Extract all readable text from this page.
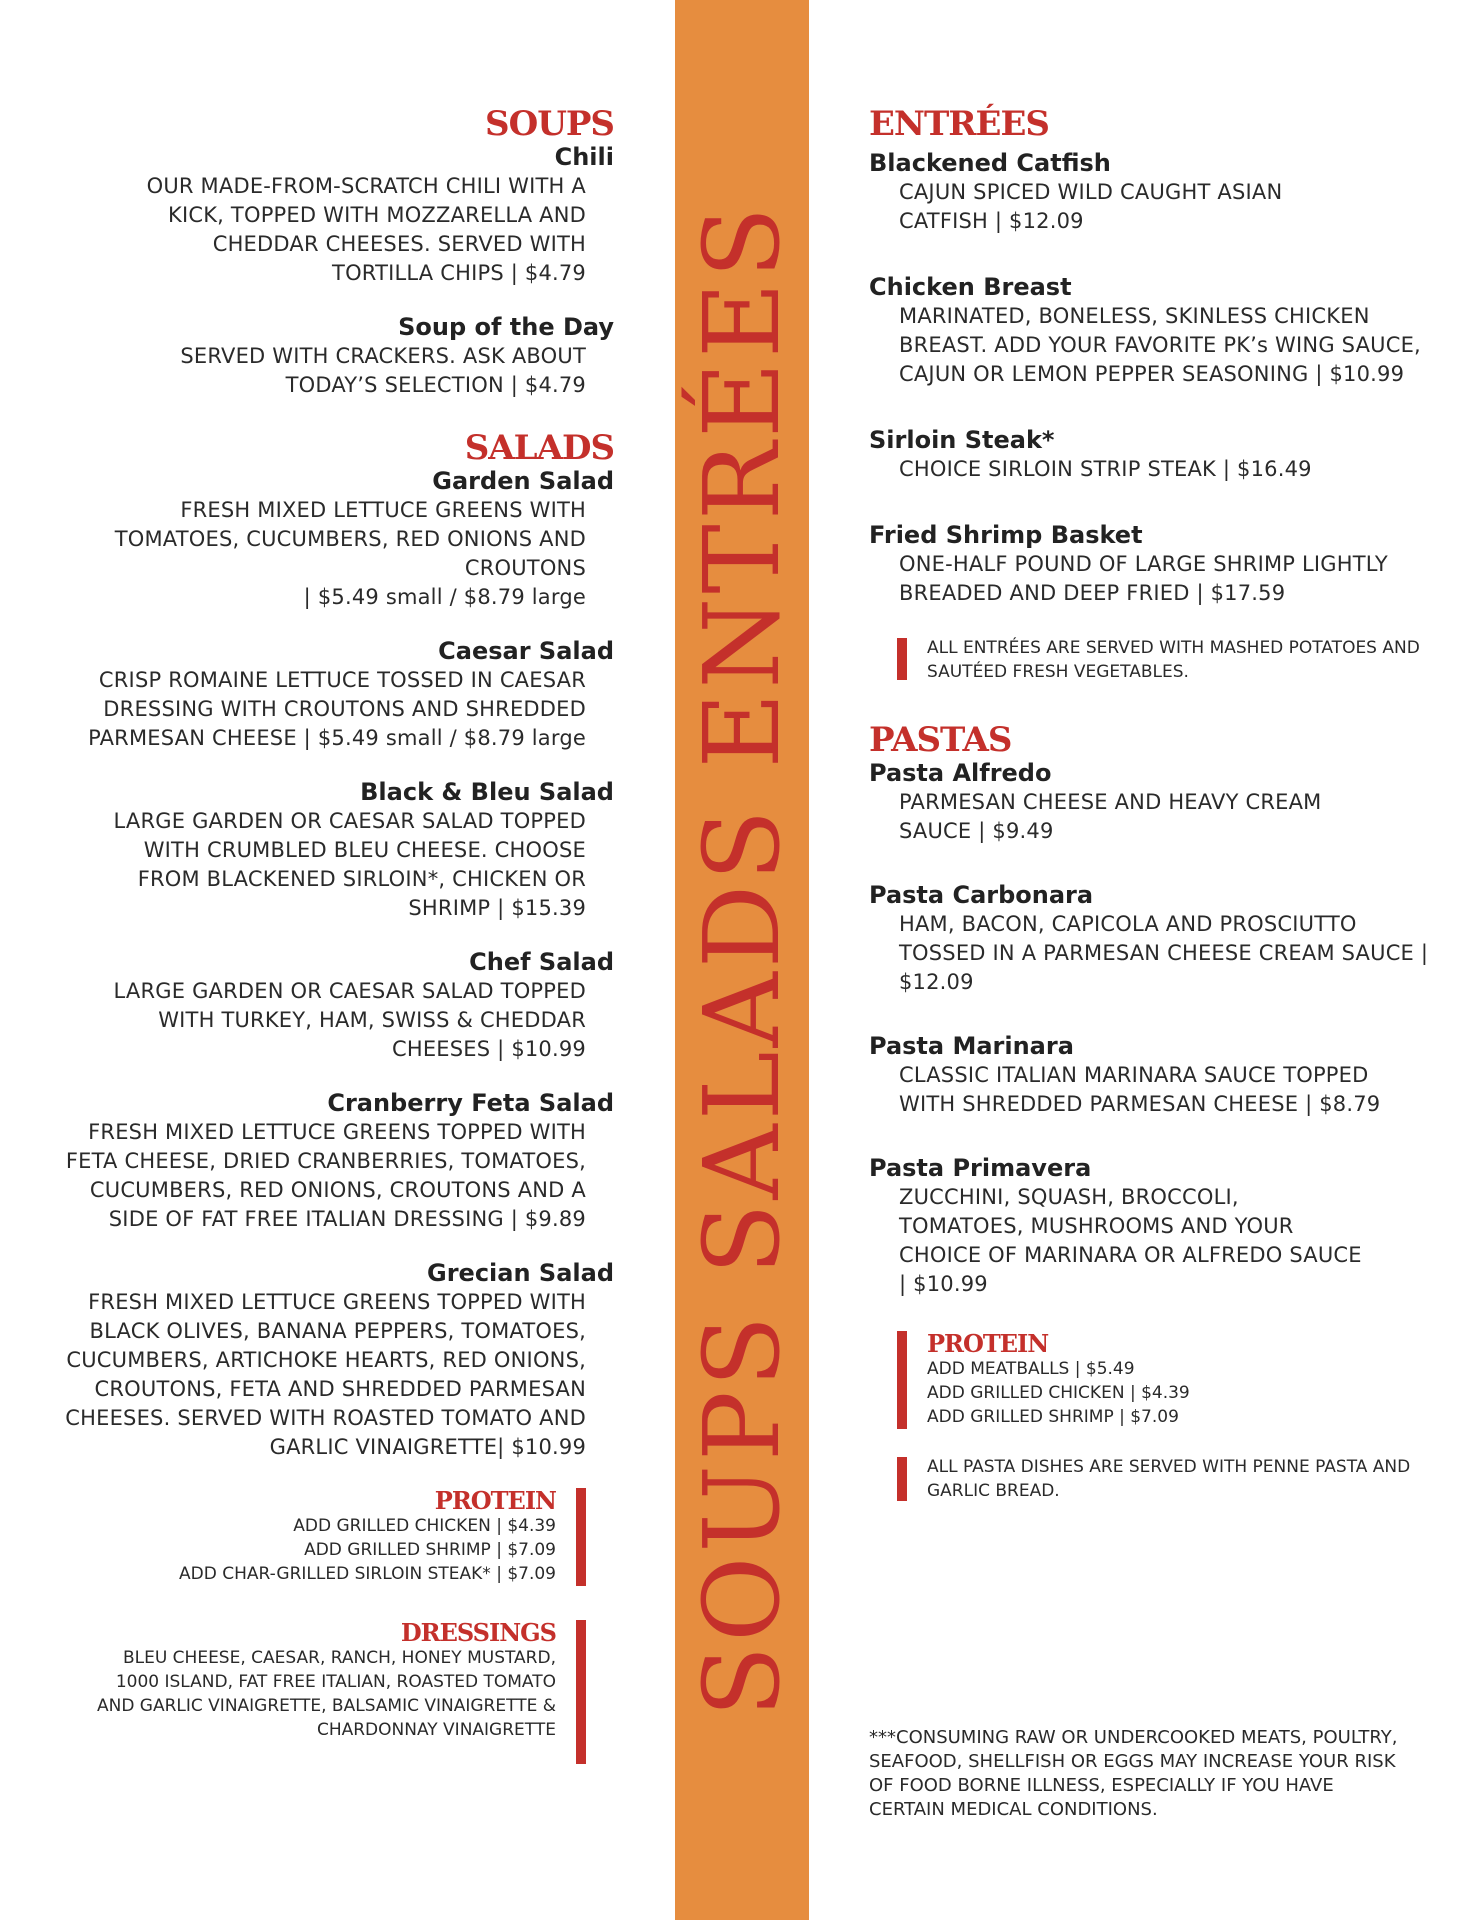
SOUPS SALADS ENTRÉES
SOUPS
Chili
OUR MADE-FROM-SCRATCH CHILI WITH A KICK, TOPPED WITH MOZZARELLA AND CHEDDAR CHEESES. SERVED WITH TORTILLA CHIPS | $4.79
Soup of the Day
SERVED WITH CRACKERS. ASK ABOUT TODAY’S SELECTION | $4.79
SALADS
Garden Salad
FRESH MIXED LETTUCE GREENS WITH TOMATOES, CUCUMBERS, RED ONIONS AND CROUTONS
| $5.49 small / $8.79 large
Caesar Salad
CRISP ROMAINE LETTUCE TOSSED IN CAESAR DRESSING WITH CROUTONS AND SHREDDED PARMESAN CHEESE | $5.49 small / $8.79 large
Black & Bleu Salad
LARGE GARDEN OR CAESAR SALAD TOPPED WITH CRUMBLED BLEU CHEESE. CHOOSE FROM BLACKENED SIRLOIN*, CHICKEN OR SHRIMP | $15.39
Chef Salad
LARGE GARDEN OR CAESAR SALAD TOPPED WITH TURKEY, HAM, SWISS & CHEDDAR CHEESES | $10.99
Cranberry Feta Salad
FRESH MIXED LETTUCE GREENS TOPPED WITH FETA CHEESE, DRIED CRANBERRIES, TOMATOES, CUCUMBERS, RED ONIONS, CROUTONS AND A SIDE OF FAT FREE ITALIAN DRESSING | $9.89
Grecian Salad
FRESH MIXED LETTUCE GREENS TOPPED WITH BLACK OLIVES, BANANA PEPPERS, TOMATOES, CUCUMBERS, ARTICHOKE HEARTS, RED ONIONS, CROUTONS, FETA AND SHREDDED PARMESAN CHEESES. SERVED WITH ROASTED TOMATO AND GARLIC VINAIGRETTE| $10.99
PROTEIN
ADD GRILLED CHICKEN | $4.39
ADD GRILLED SHRIMP | $7.09
ADD CHAR-GRILLED SIRLOIN STEAK* | $7.09
DRESSINGS
BLEU CHEESE, CAESAR, RANCH, HONEY MUSTARD, 1000 ISLAND, FAT FREE ITALIAN, ROASTED TOMATO AND GARLIC VINAIGRETTE, BALSAMIC VINAIGRETTE & CHARDONNAY VINAIGRETTE
ENTRÉES
Blackened Catfish
CAJUN SPICED WILD CAUGHT ASIAN CATFISH | $12.09
Chicken Breast
MARINATED, BONELESS, SKINLESS CHICKEN BREAST. ADD YOUR FAVORITE PK’s WING SAUCE, CAJUN OR LEMON PEPPER SEASONING | $10.99
Sirloin Steak*
CHOICE SIRLOIN STRIP STEAK | $16.49
Fried Shrimp Basket
ONE-HALF POUND OF LARGE SHRIMP LIGHTLY BREADED AND DEEP FRIED | $17.59
ALL ENTRÉES ARE SERVED WITH MASHED POTATOES AND SAUTÉED FRESH VEGETABLES.
PASTAS
Pasta Alfredo
PARMESAN CHEESE AND HEAVY CREAM SAUCE | $9.49
Pasta Carbonara
HAM, BACON, CAPICOLA AND PROSCIUTTO TOSSED IN A PARMESAN CHEESE CREAM SAUCE | $12.09
Pasta Marinara
CLASSIC ITALIAN MARINARA SAUCE TOPPED WITH SHREDDED PARMESAN CHEESE | $8.79
Pasta Primavera
ZUCCHINI, SQUASH, BROCCOLI, TOMATOES, MUSHROOMS AND YOUR CHOICE OF MARINARA OR ALFREDO SAUCE | $10.99
PROTEIN
ADD MEATBALLS | $5.49
ADD GRILLED CHICKEN | $4.39
ADD GRILLED SHRIMP | $7.09
ALL PASTA DISHES ARE SERVED WITH PENNE PASTA AND GARLIC BREAD.
***CONSUMING RAW OR UNDERCOOKED MEATS, POULTRY, SEAFOOD, SHELLFISH OR EGGS MAY INCREASE YOUR RISK OF FOOD BORNE ILLNESS, ESPECIALLY IF YOU HAVE CERTAIN MEDICAL CONDITIONS.
